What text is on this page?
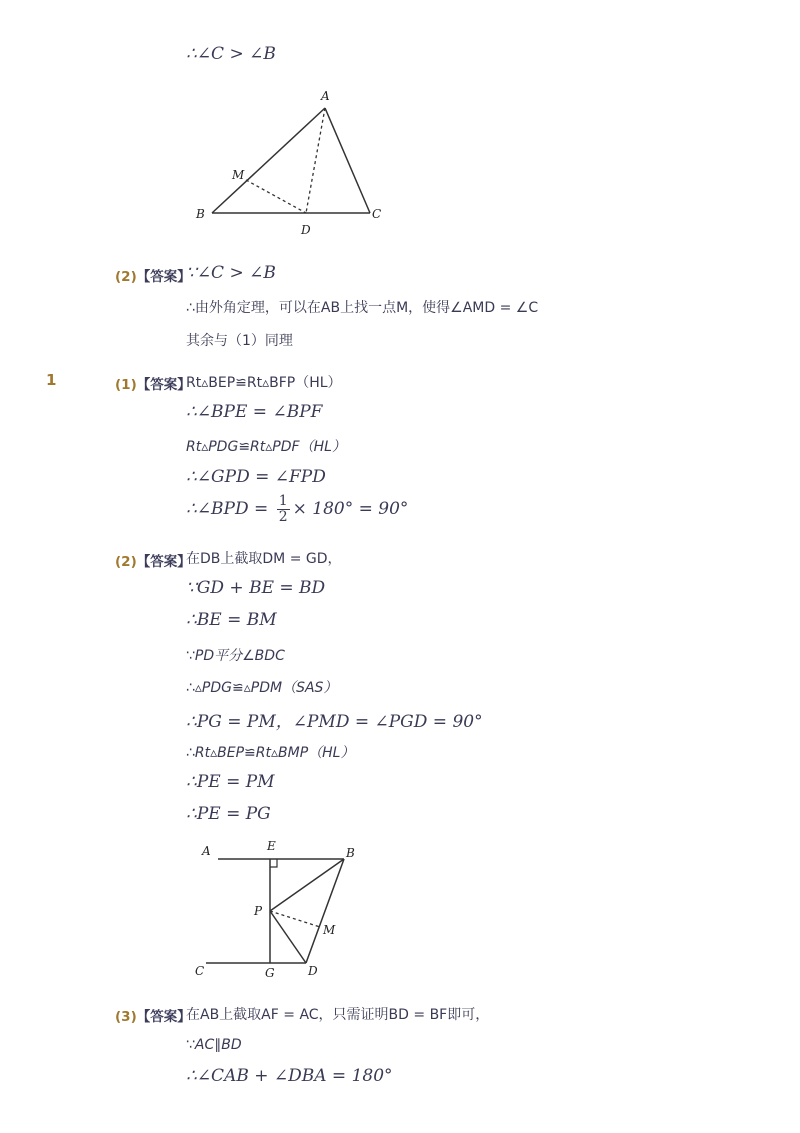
∴∠C > ∠B
A
M
B
D
C
(2)【答案】
∵∠C > ∠B
∴由外角定理，可以在AB上找一点M，使得∠AMD = ∠C
其余与（1）同理
1	(1)【答案】
Rt▵BEP≌Rt▵BFP（HL）
∴∠BPE = ∠BPF
Rt▵PDG≌Rt▵PDF（HL）
∴∠GPD = ∠FPD
∴∠BPD = $\frac{1}{2} \times 180^\circ = 90^\circ$
(2)【答案】
在DB上截取DM = GD，
∵GD + BE = BD
∴BE = BM
∵PD平分∠BDC
∴▵PDG≌▵PDM（SAS）
∴PG = PM，∠PMD = ∠PGD = 90°
∴Rt▵BEP≌Rt▵BMP（HL）
∴PE = PM
∴PE = PG
A	E	B
P
M
C	G	D
(3)【答案】
在AB上截取AF = AC，只需证明BD = BF即可，
∵AC∥BD
∴∠CAB + ∠DBA = 180°
